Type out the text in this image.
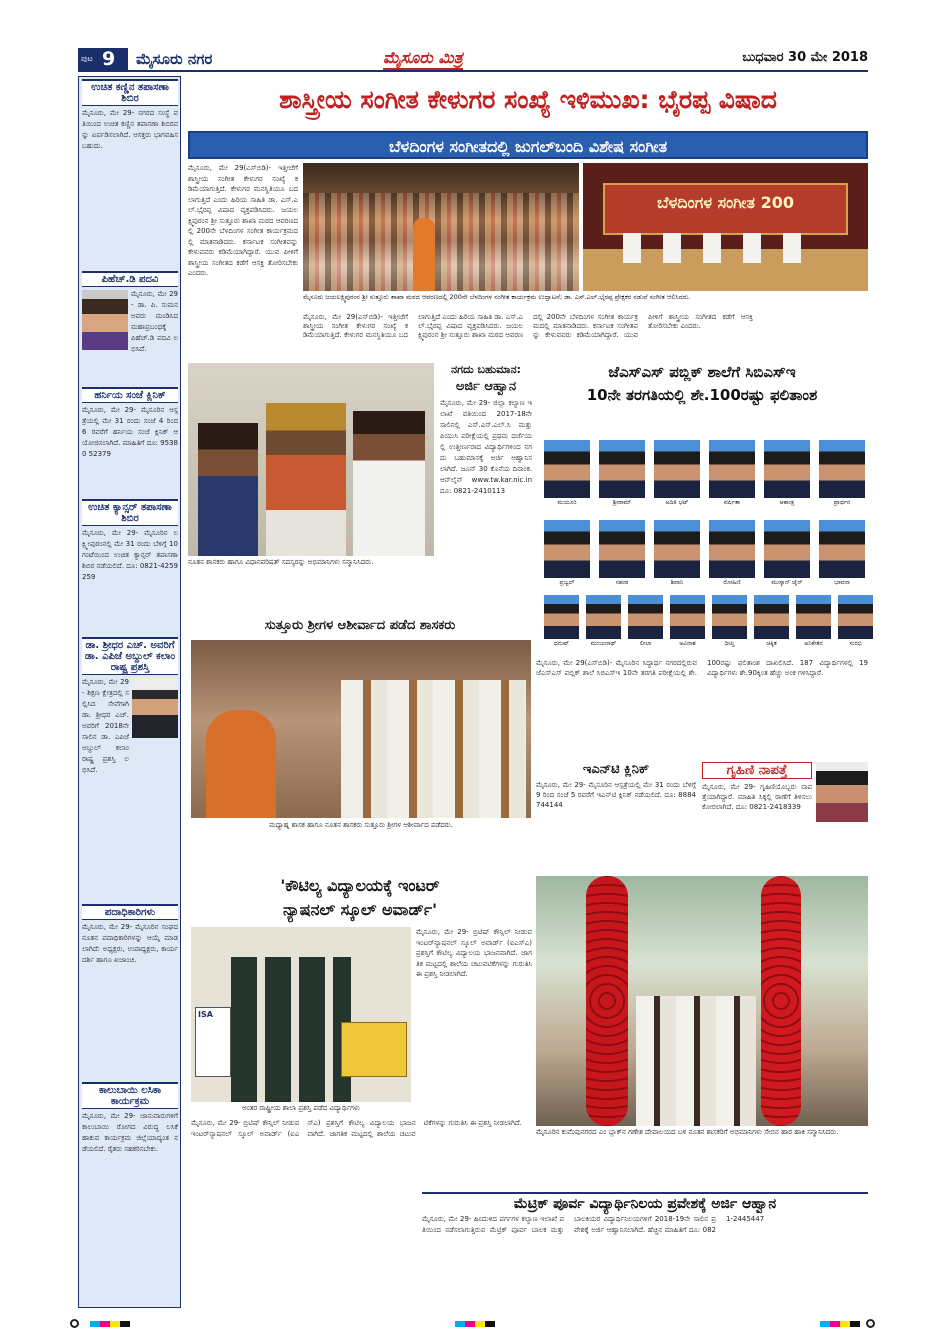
ಪುಟ 9 ಮೈಸೂರು ನಗರ	ಮೈಸೂರು ಮಿತ್ರ	ಬುಧವಾರ 30 ಮೇ 2018
ಉಚಿತ ಕಣ್ಣಿನ ತಪಾಸಣಾ ಶಿಬಿರ
ಮೈಸೂರು, ಮೇ 29- ನಗರದ ಸಂಸ್ಥೆ ವತಿಯಿಂದ ಉಚಿತ ಕಣ್ಣಿನ ತಪಾಸಣಾ ಶಿಬಿರವನ್ನು ಏರ್ಪಡಿಸಲಾಗಿದೆ. ಆಸಕ್ತರು ಭಾಗವಹಿಸಬಹುದು.
ಪಿಹೆಚ್.ಡಿ ಪದವಿ
ಮೈಸೂರು, ಮೇ 29- ಡಾ. ಪಿ. ಸುಮನ ಅವರು ಮಂಡಿಸಿದ ಮಹಾಪ್ರಬಂಧಕ್ಕೆ ಪಿಹೆಚ್.ಡಿ ಪದವಿ ಲಭಿಸಿದೆ.
ಹರ್ನಿಯ ಸಂಜೆ ಕ್ಲಿನಿಕ್
ಮೈಸೂರು, ಮೇ 29- ಮೈಸೂರಿನ ಆಸ್ಪತ್ರೆಯಲ್ಲಿ ಮೇ 31 ರಂದು ಸಂಜೆ 4 ರಿಂದ 6 ರವರೆಗೆ ಹರ್ನಿಯ ಸಂಜೆ ಕ್ಲಿನಿಕ್ ಆಯೋಜಿಸಲಾಗಿದೆ. ಮಾಹಿತಿಗೆ ದೂ: 95380 52379
ಉಚಿತ ಕ್ಯಾನ್ಸರ್ ತಪಾಸಣಾ ಶಿಬಿರ
ಮೈಸೂರು, ಮೇ 29- ಮೈಸೂರಿನ ಲಕ್ಷ್ಮೀಪುರಂನಲ್ಲಿ ಮೇ 31 ರಂದು ಬೆಳಿಗ್ಗೆ 10 ಗಂಟೆಯಿಂದ ಉಚಿತ ಕ್ಯಾನ್ಸರ್ ತಪಾಸಣಾ ಶಿಬಿರ ನಡೆಯಲಿದೆ. ದೂ: 0821-4259259
ಡಾ. ಶ್ರೀಧರ ಎಚ್. ಅವರಿಗೆ ಡಾ. ಎಪಿಜೆ ಅಬ್ದುಲ್ ಕಲಾಂ ರಾಷ್ಟ್ರ ಪ್ರಶಸ್ತಿ
ಮೈಸೂರು, ಮೇ 29- ಶಿಕ್ಷಣ ಕ್ಷೇತ್ರದಲ್ಲಿ ಸಲ್ಲಿಸಿದ ಸೇವೆಗಾಗಿ ಡಾ. ಶ್ರೀಧರ ಎಚ್. ಅವರಿಗೆ 2018ನೇ ಸಾಲಿನ ಡಾ. ಎಪಿಜೆ ಅಬ್ದುಲ್ ಕಲಾಂ ರಾಷ್ಟ್ರ ಪ್ರಶಸ್ತಿ ಲಭಿಸಿದೆ.
ಪದಾಧಿಕಾರಿಗಳು
ಮೈಸೂರು, ಮೇ 29- ಮೈಸೂರಿನ ಸಂಘದ ನೂತನ ಪದಾಧಿಕಾರಿಗಳನ್ನು ಆಯ್ಕೆ ಮಾಡಲಾಗಿದೆ: ಅಧ್ಯಕ್ಷರು, ಉಪಾಧ್ಯಕ್ಷರು, ಕಾರ್ಯದರ್ಶಿ ಹಾಗೂ ಖಜಾಂಚಿ.
ಕಾಲುಬಾಯಿ ಲಸಿಕಾ ಕಾರ್ಯಕ್ರಮ
ಮೈಸೂರು, ಮೇ 29- ಜಾನುವಾರುಗಳಿಗೆ ಕಾಲುಬಾಯಿ ರೋಗದ ವಿರುದ್ಧ ಲಸಿಕೆ ಹಾಕುವ ಕಾರ್ಯಕ್ರಮ ಜಿಲ್ಲೆಯಾದ್ಯಂತ ನಡೆಯಲಿದೆ. ರೈತರು ಸಹಕರಿಸಬೇಕು.
ಶಾಸ್ತ್ರೀಯ ಸಂಗೀತ ಕೇಳುಗರ ಸಂಖ್ಯೆ ಇಳಿಮುಖ: ಭೈರಪ್ಪ ವಿಷಾದ
ಬೆಳದಿಂಗಳ ಸಂಗೀತದಲ್ಲಿ ಜುಗಲ್‌ಬಂದಿ ವಿಶೇಷ ಸಂಗೀತ
ಮೈಸೂರು, ಮೇ 29(ಎಸ್‌ಬಿಡಿ)- ಇತ್ತೀಚೆಗೆ ಶಾಸ್ತ್ರೀಯ ಸಂಗೀತ ಕೇಳುಗರ ಸಂಖ್ಯೆ ಕಡಿಮೆಯಾಗುತ್ತಿದೆ. ಕೇಳುಗರ ಮನಸ್ಥಿತಿಯೂ ಬದಲಾಗುತ್ತಿದೆ ಎಂದು ಹಿರಿಯ ಸಾಹಿತಿ ಡಾ. ಎಸ್.ಎಲ್.ಭೈರಪ್ಪ ವಿಷಾದ ವ್ಯಕ್ತಪಡಿಸಿದರು. ಜಯಲಕ್ಷ್ಮಿಪುರಂನ ಶ್ರೀ ಸುತ್ತೂರು ಶಾಖಾ ಮಠದ ಆವರಣದಲ್ಲಿ 200ನೇ ಬೆಳದಿಂಗಳ ಸಂಗೀತ ಕಾರ್ಯಕ್ರಮದಲ್ಲಿ ಮಾತನಾಡಿದರು. ಕರ್ನಾಟಕ ಸಂಗೀತವನ್ನು ಕೇಳುವವರು ಕಡಿಮೆಯಾಗಿದ್ದಾರೆ. ಯುವ ಪೀಳಿಗೆ ಶಾಸ್ತ್ರೀಯ ಸಂಗೀತದ ಕಡೆಗೆ ಆಸಕ್ತಿ ತೋರಿಸಬೇಕು ಎಂದರು.
ಬೆಳದಿಂಗಳ ಸಂಗೀತ 200
ಮೈಸೂರು ಜಯಲಕ್ಷ್ಮಿಪುರಂನ ಶ್ರೀ ಸುತ್ತೂರು ಶಾಖಾ ಮಠದ ಆವರಣದಲ್ಲಿ 200ನೇ ಬೆಳದಿಂಗಳ ಸಂಗೀತ ಕಾರ್ಯಕ್ರಮ ಉದ್ಘಾಟನೆ; ಡಾ. ಎಸ್.ಎಲ್.ಭೈರಪ್ಪ ಪ್ರೇಕ್ಷಕರ ನಡುವೆ ಸಂಗೀತ ಆಲಿಸಿದರು.
ಮೈಸೂರು, ಮೇ 29(ಎಸ್‌ಬಿಡಿ)- ಇತ್ತೀಚೆಗೆ ಶಾಸ್ತ್ರೀಯ ಸಂಗೀತ ಕೇಳುಗರ ಸಂಖ್ಯೆ ಕಡಿಮೆಯಾಗುತ್ತಿದೆ. ಕೇಳುಗರ ಮನಸ್ಥಿತಿಯೂ ಬದಲಾಗುತ್ತಿದೆ ಎಂದು ಹಿರಿಯ ಸಾಹಿತಿ ಡಾ. ಎಸ್.ಎಲ್.ಭೈರಪ್ಪ ವಿಷಾದ ವ್ಯಕ್ತಪಡಿಸಿದರು. ಜಯಲಕ್ಷ್ಮಿಪುರಂನ ಶ್ರೀ ಸುತ್ತೂರು ಶಾಖಾ ಮಠದ ಆವರಣದಲ್ಲಿ 200ನೇ ಬೆಳದಿಂಗಳ ಸಂಗೀತ ಕಾರ್ಯಕ್ರಮದಲ್ಲಿ ಮಾತನಾಡಿದರು. ಕರ್ನಾಟಕ ಸಂಗೀತವನ್ನು ಕೇಳುವವರು ಕಡಿಮೆಯಾಗಿದ್ದಾರೆ. ಯುವ ಪೀಳಿಗೆ ಶಾಸ್ತ್ರೀಯ ಸಂಗೀತದ ಕಡೆಗೆ ಆಸಕ್ತಿ ತೋರಿಸಬೇಕು ಎಂದರು.
ನೂತನ ಶಾಸಕರು ಹಾಗೂ ವಿಧಾನಪರಿಷತ್ ಸದಸ್ಯರನ್ನು ಅಭಿಮಾನಿಗಳು ಸನ್ಮಾನಿಸಿದರು.
ನಗದು ಬಹುಮಾನ:
ಅರ್ಜಿ ಆಹ್ವಾನ
ಮೈಸೂರು, ಮೇ 29- ಜಿಲ್ಲಾ ಕಲ್ಯಾಣ ಇಲಾಖೆ ವತಿಯಿಂದ 2017-18ನೇ ಸಾಲಿನಲ್ಲಿ ಎಸ್.ಎಸ್.ಎಲ್.ಸಿ ಮತ್ತು ಪಿಯುಸಿ ಪರೀಕ್ಷೆಯಲ್ಲಿ ಪ್ರಥಮ ದರ್ಜೆಯಲ್ಲಿ ಉತ್ತೀರ್ಣರಾದ ವಿದ್ಯಾರ್ಥಿಗಳಿಂದ ನಗದು ಬಹುಮಾನಕ್ಕೆ ಅರ್ಜಿ ಆಹ್ವಾನಿಸಲಾಗಿದೆ. ಜೂನ್ 30 ಕೊನೆಯ ದಿನಾಂಕ. ಆನ್‌ಲೈನ್ www.tw.kar.nic.in ದೂ: 0821-2410113
ಜೆಎಸ್‌ಎಸ್ ಪಬ್ಲಿಕ್ ಶಾಲೆಗೆ ಸಿಬಿಎಸ್‌ಇ
10ನೇ ತರಗತಿಯಲ್ಲಿ ಶೇ.100ರಷ್ಟು ಫಲಿತಾಂಶ
ಮಯೂರಿ	ಶ್ರೀರಾಮ್	ಅದಿತಿ ಭಟ್	ವರ್ಷಿತಾ	ಆಕಾಂಕ್ಷ	ಪ್ರಾರ್ಥನ
ಪ್ರಜ್ವಲ್	ಸಹನಾ	ಶಿವಾನಿ	ರೋಹಿಣಿ	ಮುಸ್ಕಾನ್ ಜೈನ್	ಭಾವನಾ
ಧನುಷ್	ಮಂಜುನಾಥ್	ಲೀಲಾ	ಅವಿನಾಶ	ದೀಪ್ತಿ	ಚಿಕ್ಕಿತ	ಅನಿಕೇತನ	ಸುರಭಿ
ಮೈಸೂರು, ಮೇ 29(ಎಸ್‌ಬಿಡಿ)- ಮೈಸೂರಿನ ಸಿದ್ಧಾರ್ಥ ನಗರದಲ್ಲಿರುವ ಜೆಎಸ್‌ಎಸ್ ಪಬ್ಲಿಕ್ ಶಾಲೆ ಸಿಬಿಎಸ್‌ಇ 10ನೇ ತರಗತಿ ಪರೀಕ್ಷೆಯಲ್ಲಿ ಶೇ.100ರಷ್ಟು ಫಲಿತಾಂಶ ದಾಖಲಿಸಿದೆ. 187 ವಿದ್ಯಾರ್ಥಿಗಳಲ್ಲಿ 19 ವಿದ್ಯಾರ್ಥಿಗಳು ಶೇ.90ಕ್ಕಿಂತ ಹೆಚ್ಚು ಅಂಕ ಗಳಿಸಿದ್ದಾರೆ.
ಸುತ್ತೂರು ಶ್ರೀಗಳ ಆಶೀರ್ವಾದ ಪಡೆದ ಶಾಸಕರು
ಮಧ್ಯಾಹ್ನ ಶಾಸಕ ಹಾಗೂ ನೂತನ ಶಾಸಕರು ಸುತ್ತೂರು ಶ್ರೀಗಳ ಆಶೀರ್ವಾದ ಪಡೆದರು.
ಇಎನ್‌ಟಿ ಕ್ಲಿನಿಕ್
ಮೈಸೂರು, ಮೇ 29- ಮೈಸೂರಿನ ಆಸ್ಪತ್ರೆಯಲ್ಲಿ ಮೇ 31 ರಂದು ಬೆಳಿಗ್ಗೆ 9 ರಿಂದ ಸಂಜೆ 5 ರವರೆಗೆ ಇಎನ್‌ಟಿ ಕ್ಲಿನಿಕ್ ನಡೆಯಲಿದೆ. ದೂ: 8884744144
ಗೃಹಿಣಿ ನಾಪತ್ತೆ
ಮೈಸೂರು, ಮೇ 29- ಗೃಹಿಣಿಯೊಬ್ಬರು ನಾಪತ್ತೆಯಾಗಿದ್ದಾರೆ. ಮಾಹಿತಿ ಸಿಕ್ಕಲ್ಲಿ ಠಾಣೆಗೆ ತಿಳಿಸಲು ಕೋರಲಾಗಿದೆ. ದೂ: 0821-2418339
'ಕೌಟಿಲ್ಯ ವಿದ್ಯಾಲಯಕ್ಕೆ ಇಂಟರ್
ನ್ಯಾಷನಲ್ ಸ್ಕೂಲ್ ಅವಾರ್ಡ್'
ISA
ಅಂತರ ರಾಷ್ಟ್ರೀಯ ಶಾಲಾ ಪ್ರಶಸ್ತಿ ಪಡೆದ ವಿದ್ಯಾರ್ಥಿಗಳು
ಮೈಸೂರು, ಮೇ 29- ಬ್ರಿಟಿಷ್ ಕೌನ್ಸಿಲ್ ನೀಡುವ ಇಂಟರ್‌ನ್ಯಾಷನಲ್ ಸ್ಕೂಲ್ ಅವಾರ್ಡ್ (ಐಎಸ್‌ಎ) ಪ್ರಶಸ್ತಿಗೆ ಕೌಟಿಲ್ಯ ವಿದ್ಯಾಲಯ ಭಾಜನವಾಗಿದೆ. ಜಾಗತಿಕ ಮಟ್ಟದಲ್ಲಿ ಶಾಲೆಯ ಚಟುವಟಿಕೆಗಳನ್ನು ಗುರುತಿಸಿ ಈ ಪ್ರಶಸ್ತಿ ನೀಡಲಾಗಿದೆ.
ಮೈಸೂರು, ಮೇ 29- ಬ್ರಿಟಿಷ್ ಕೌನ್ಸಿಲ್ ನೀಡುವ ಇಂಟರ್‌ನ್ಯಾಷನಲ್ ಸ್ಕೂಲ್ ಅವಾರ್ಡ್ (ಐಎಸ್‌ಎ) ಪ್ರಶಸ್ತಿಗೆ ಕೌಟಿಲ್ಯ ವಿದ್ಯಾಲಯ ಭಾಜನವಾಗಿದೆ. ಜಾಗತಿಕ ಮಟ್ಟದಲ್ಲಿ ಶಾಲೆಯ ಚಟುವಟಿಕೆಗಳನ್ನು ಗುರುತಿಸಿ ಈ ಪ್ರಶಸ್ತಿ ನೀಡಲಾಗಿದೆ.
ಮೈಸೂರಿನ ಕುವೆಂಪುನಗರದ ಎಂ ಬ್ಲಾಕ್‌ನ ಗಣೇಶ ದೇವಾಲಯದ ಬಳಿ ನೂತನ ಶಾಸಕರಿಗೆ ಅಭಿಮಾನಿಗಳು ಸೇಬಿನ ಹಾರ ಹಾಕಿ ಸನ್ಮಾನಿಸಿದರು.
ಮೆಟ್ರಿಕ್ ಪೂರ್ವ ವಿದ್ಯಾರ್ಥಿನಿಲಯ ಪ್ರವೇಶಕ್ಕೆ ಅರ್ಜಿ ಆಹ್ವಾನ
ಮೈಸೂರು, ಮೇ 29- ಹಿಂದುಳಿದ ವರ್ಗಗಳ ಕಲ್ಯಾಣ ಇಲಾಖೆ ವತಿಯಿಂದ ನಡೆಸಲಾಗುತ್ತಿರುವ ಮೆಟ್ರಿಕ್ ಪೂರ್ವ ಬಾಲಕ ಮತ್ತು ಬಾಲಕಿಯರ ವಿದ್ಯಾರ್ಥಿನಿಲಯಗಳಿಗೆ 2018-19ನೇ ಸಾಲಿನ ಪ್ರವೇಶಕ್ಕೆ ಅರ್ಜಿ ಆಹ್ವಾನಿಸಲಾಗಿದೆ. ಹೆಚ್ಚಿನ ಮಾಹಿತಿಗೆ ದೂ: 0821-2445447
